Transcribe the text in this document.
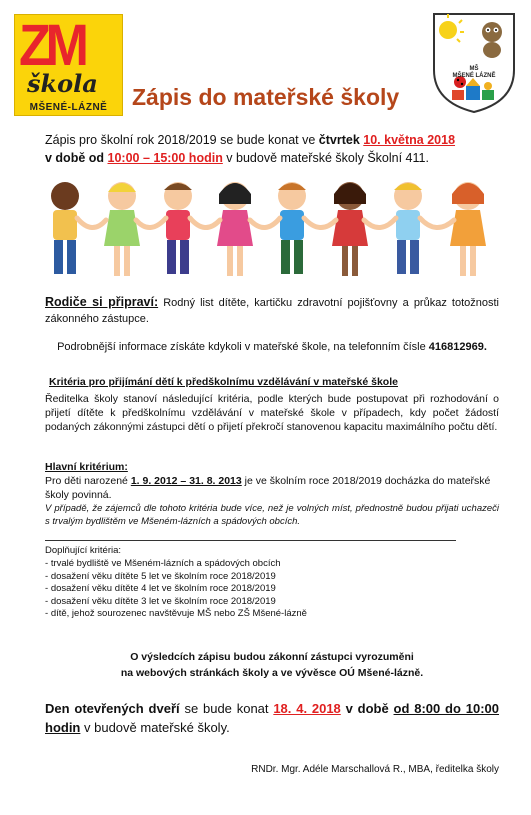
ZM
škola
MŠENÉ-LÁZNĚ
MŠ
MŠENÉ LÁZNĚ
Zápis do mateřské školy
Zápis pro školní rok 2018/2019 se bude konat ve čtvrtek 10. května 2018
v době od 10:00 – 15:00 hodin v budově mateřské školy Školní 411.
Rodiče si připraví: Rodný list dítěte, kartičku zdravotní pojišťovny a průkaz totožnosti zákonného zástupce.
Podrobnější informace získáte kdykoli v mateřské škole, na telefonním čísle 416812969.
Kritéria pro přijímání dětí k předškolnímu vzdělávání v mateřské škole
Ředitelka školy stanoví následující kritéria, podle kterých bude postupovat při rozhodování o přijetí dítěte k předškolnímu vzdělávání v mateřské škole v případech, kdy počet žádostí podaných zákonnými zástupci dětí o přijetí překročí stanovenou kapacitu maximálního počtu dětí.
Hlavní kritérium:
Pro děti narozené 1. 9. 2012 – 31. 8. 2013 je ve školním roce 2018/2019 docházka do mateřské školy povinná.
V případě, že zájemců dle tohoto kritéria bude více, než je volných míst, přednostně budou přijati uchazeči s trvalým bydlištěm ve Mšeném-lázních a spádových obcích.
Doplňující kritéria:
- trvalé bydliště ve Mšeném-lázních a spádových obcích
- dosažení věku dítěte 5 let ve školním roce 2018/2019
- dosažení věku dítěte 4 let ve školním roce 2018/2019
- dosažení věku dítěte 3 let ve školním roce 2018/2019
- dítě, jehož sourozenec navštěvuje MŠ nebo ZŠ Mšené-lázně
O výsledcích zápisu budou zákonní zástupci vyrozuměni
na webových stránkách školy a ve vývěsce OÚ Mšené-lázně.
Den otevřených dveří se bude konat 18. 4. 2018 v době od 8:00 do 10:00 hodin v budově mateřské školy.
RNDr. Mgr. Adéle Marschallová R., MBA, ředitelka školy
